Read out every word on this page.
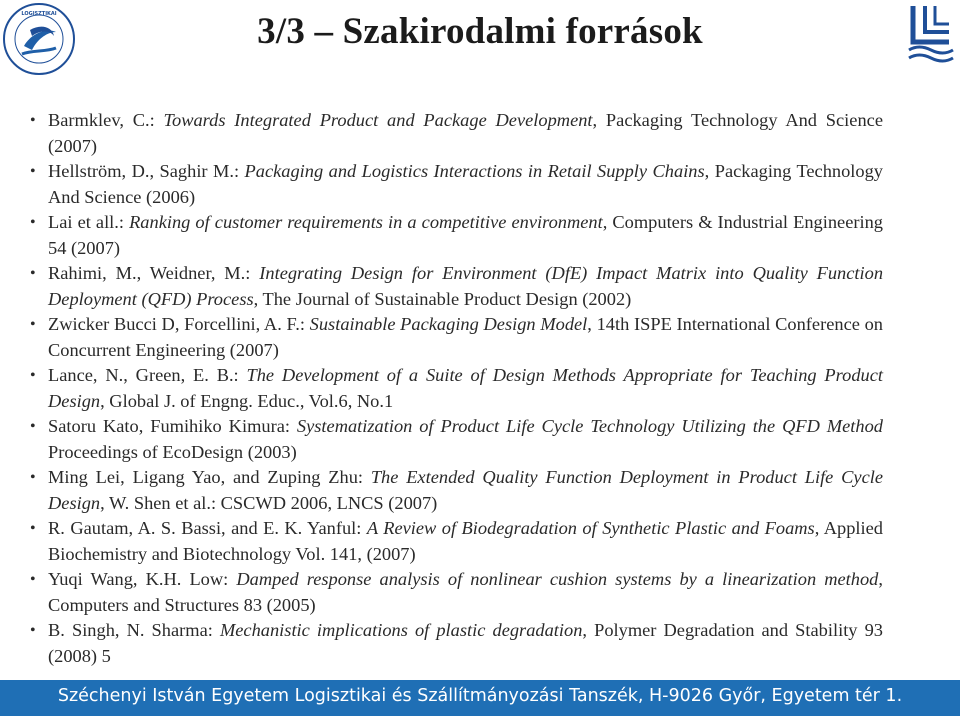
LOGISZTIKAI	3/3 – Szakirodalmi források
• Barmklev, C.: Towards Integrated Product and Package Development, Packaging Technology And Science (2007)
• Hellström, D., Saghir M.: Packaging and Logistics Interactions in Retail Supply Chains, Packaging Technology And Science (2006)
• Lai et all.: Ranking of customer requirements in a competitive environment, Computers & Industrial Engineering 54 (2007)
• Rahimi, M., Weidner, M.: Integrating Design for Environment (DfE) Impact Matrix into Quality Function Deployment (QFD) Process, The Journal of Sustainable Product Design (2002)
• Zwicker Bucci D, Forcellini, A. F.: Sustainable Packaging Design Model, 14th ISPE International Conference on Concurrent Engineering (2007)
• Lance, N., Green, E. B.: The Development of a Suite of Design Methods Appropriate for Teaching Product Design, Global J. of Engng. Educ., Vol.6, No.1
• Satoru Kato, Fumihiko Kimura: Systematization of Product Life Cycle Technology Utilizing the QFD Method Proceedings of EcoDesign (2003)
• Ming Lei, Ligang Yao, and Zuping Zhu: The Extended Quality Function Deployment in Product Life Cycle Design, W. Shen et al.: CSCWD 2006, LNCS (2007)
• R. Gautam, A. S. Bassi, and E. K. Yanful: A Review of Biodegradation of Synthetic Plastic and Foams, Applied Biochemistry and Biotechnology Vol. 141, (2007)
• Yuqi Wang, K.H. Low: Damped response analysis of nonlinear cushion systems by a linearization method, Computers and Structures 83 (2005)
• B. Singh, N. Sharma: Mechanistic implications of plastic degradation, Polymer Degradation and Stability 93 (2008) 5
Széchenyi István Egyetem Logisztikai és Szállítmányozási Tanszék, H-9026 Győr, Egyetem tér 1.
